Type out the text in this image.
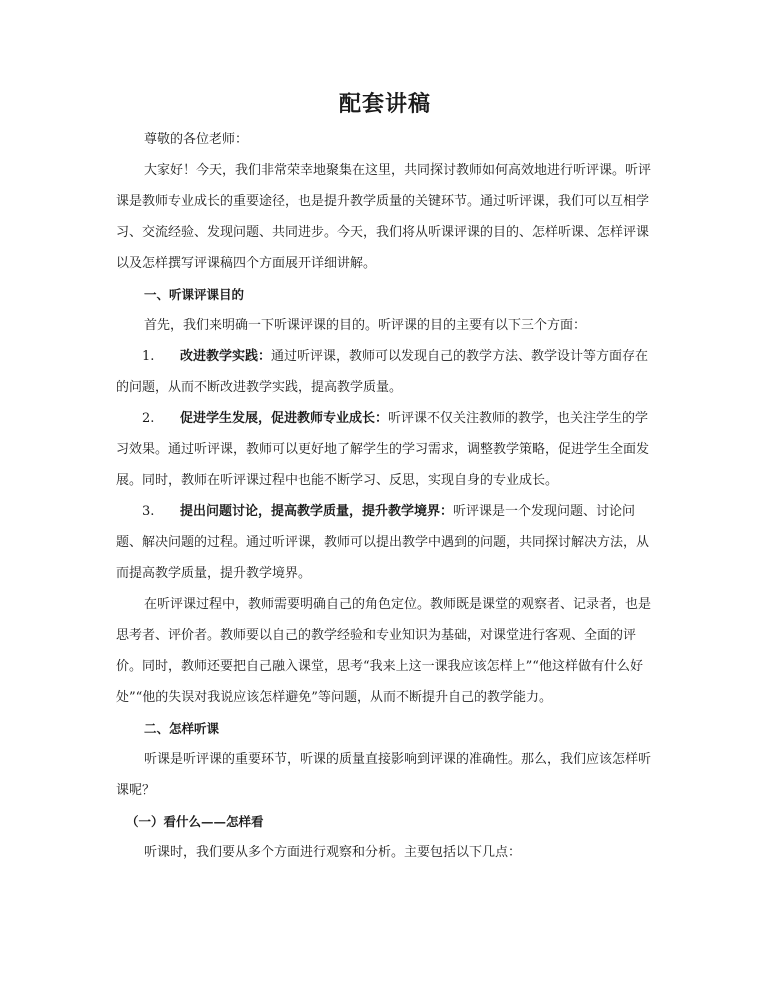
配套讲稿

尊敬的各位老师：

大家好！今天，我们非常荣幸地聚集在这里，共同探讨教师如何高效地进行听评课。听评课是教师专业成长的重要途径，也是提升教学质量的关键环节。通过听评课，我们可以互相学习、交流经验、发现问题、共同进步。今天，我们将从听课评课的目的、怎样听课、怎样评课以及怎样撰写评课稿四个方面展开详细讲解。

一、听课评课目的

首先，我们来明确一下听课评课的目的。听评课的目的主要有以下三个方面：

1. 改进教学实践：通过听评课，教师可以发现自己的教学方法、教学设计等方面存在的问题，从而不断改进教学实践，提高教学质量。

2. 促进学生发展，促进教师专业成长：听评课不仅关注教师的教学，也关注学生的学习效果。通过听评课，教师可以更好地了解学生的学习需求，调整教学策略，促进学生全面发展。同时，教师在听评课过程中也能不断学习、反思，实现自身的专业成长。

3. 提出问题讨论，提高教学质量，提升教学境界：听评课是一个发现问题、讨论问题、解决问题的过程。通过听评课，教师可以提出教学中遇到的问题，共同探讨解决方法，从而提高教学质量，提升教学境界。

在听评课过程中，教师需要明确自己的角色定位。教师既是课堂的观察者、记录者，也是思考者、评价者。教师要以自己的教学经验和专业知识为基础，对课堂进行客观、全面的评价。同时，教师还要把自己融入课堂，思考“我来上这一课我应该怎样上”“他这样做有什么好处”“他的失误对我说应该怎样避免”等问题，从而不断提升自己的教学能力。

二、怎样听课

听课是听评课的重要环节，听课的质量直接影响到评课的准确性。那么，我们应该怎样听课呢？

（一）看什么——怎样看

听课时，我们要从多个方面进行观察和分析。主要包括以下几点：
